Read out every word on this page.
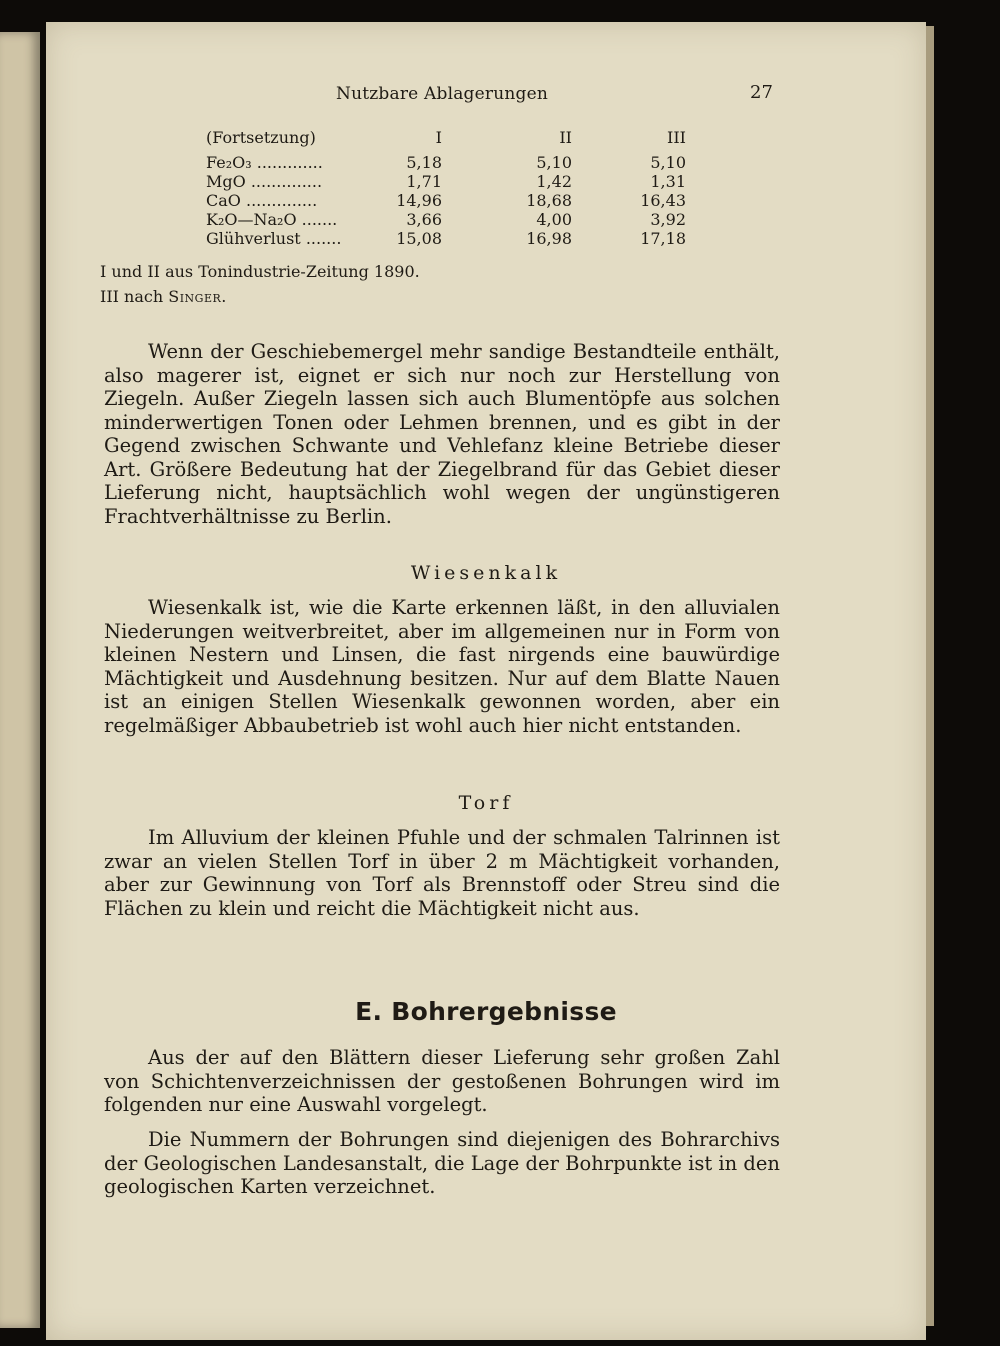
Nutzbare Ablagerungen	27
(Fortsetzung)	I	II	III
Fe₂O₃ .............	5,18	5,10	5,10
MgO ..............	1,71	1,42	1,31
CaO ..............	14,96	18,68	16,43
K₂O—Na₂O .......	3,66	4,00	3,92
Glühverlust .......	15,08	16,98	17,18
I und II aus Tonindustrie-Zeitung 1890.
III nach Singer.

Wenn der Geschiebemergel mehr sandige Bestandteile enthält, also magerer ist, eignet er sich nur noch zur Herstellung von Ziegeln. Außer Ziegeln lassen sich auch Blumentöpfe aus solchen minderwertigen Tonen oder Lehmen brennen, und es gibt in der Gegend zwischen Schwante und Vehlefanz kleine Betriebe dieser Art. Größere Bedeutung hat der Ziegelbrand für das Gebiet dieser Lieferung nicht, hauptsächlich wohl wegen der ungünstigeren Frachtverhältnisse zu Berlin.

Wiesenkalk

Wiesenkalk ist, wie die Karte erkennen läßt, in den alluvialen Niederungen weitverbreitet, aber im allgemeinen nur in Form von kleinen Nestern und Linsen, die fast nirgends eine bauwürdige Mächtigkeit und Ausdehnung besitzen. Nur auf dem Blatte Nauen ist an einigen Stellen Wiesenkalk gewonnen worden, aber ein regelmäßiger Abbaubetrieb ist wohl auch hier nicht entstanden.

Torf

Im Alluvium der kleinen Pfuhle und der schmalen Talrinnen ist zwar an vielen Stellen Torf in über 2 m Mächtigkeit vorhanden, aber zur Gewinnung von Torf als Brennstoff oder Streu sind die Flächen zu klein und reicht die Mächtigkeit nicht aus.

E. Bohrergebnisse

Aus der auf den Blättern dieser Lieferung sehr großen Zahl von Schichtenverzeichnissen der gestoßenen Bohrungen wird im folgenden nur eine Auswahl vorgelegt.

Die Nummern der Bohrungen sind diejenigen des Bohrarchivs der Geologischen Landesanstalt, die Lage der Bohrpunkte ist in den geologischen Karten verzeichnet.
